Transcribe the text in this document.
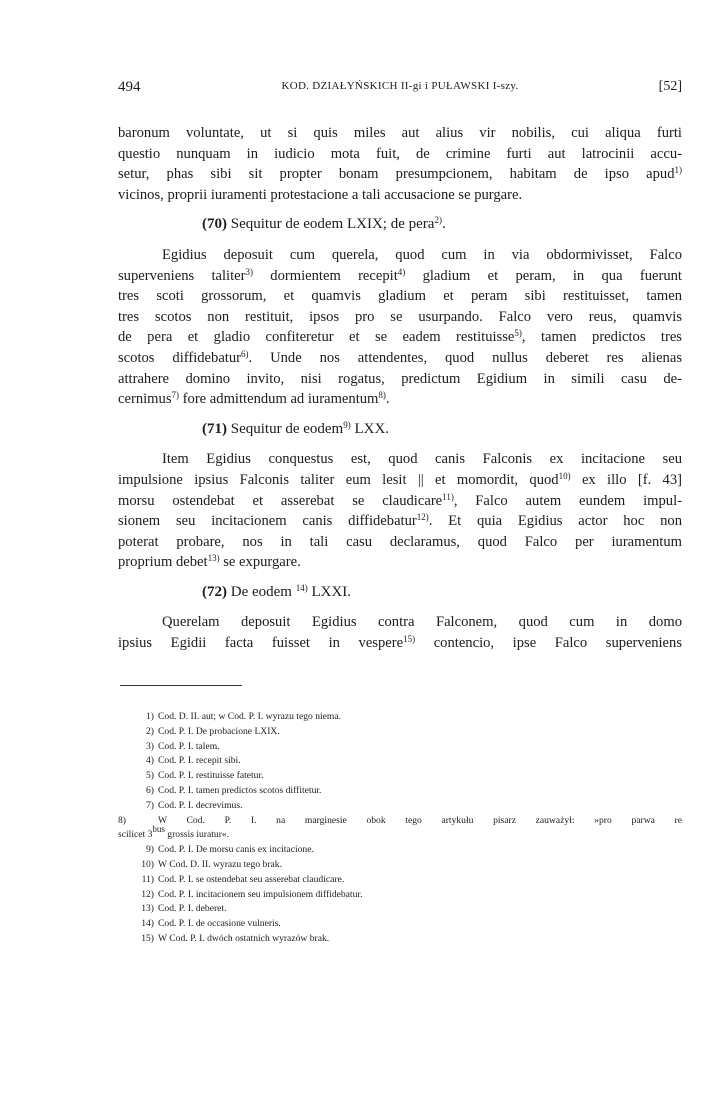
494	KOD. DZIAŁYŃSKICH II-gi i PUŁAWSKI I-szy.	[52]
baronum voluntate, ut si quis miles aut alius vir nobilis, cui aliqua furti
questio nunquam in iudicio mota fuit, de crimine furti aut latrocinii accu-
setur, phas sibi sit propter bonam presumpcionem, habitam de ipso apud$^{1)}$
vicinos, proprii iuramenti protestacione a tali accusacione se purgare.
(70) Sequitur de eodem LXIX; de pera$^{2)}$.
Egidius deposuit cum querela, quod cum in via obdormivisset, Falco
superveniens taliter$^{3)}$ dormientem recepit$^{4)}$ gladium et peram, in qua fuerunt
tres scoti grossorum, et quamvis gladium et peram sibi restituisset, tamen
tres scotos non restituit, ipsos pro se usurpando. Falco vero reus, quamvis
de pera et gladio confiteretur et se eadem restituisse$^{5)}$, tamen predictos tres
scotos diffidebatur$^{6)}$. Unde nos attendentes, quod nullus deberet res alienas
attrahere domino invito, nisi rogatus, predictum Egidium in simili casu de-
cernimus$^{7)}$ fore admittendum ad iuramentum$^{8)}$.
(71) Sequitur de eodem$^{9)}$ LXX.
Item Egidius conquestus est, quod canis Falconis ex incitacione seu
impulsione ipsius Falconis taliter eum lesit || et momordit, quod$^{10)}$ ex illo [f. 43]
morsu ostendebat et asserebat se claudicare$^{11)}$, Falco autem eundem impul-
sionem seu incitacionem canis diffidebatur$^{12)}$. Et quia Egidius actor hoc non
poterat probare, nos in tali casu declaramus, quod Falco per iuramentum
proprium debet$^{13)}$ se expurgare.
(72) De eodem $^{14)}$ LXXI.
Querelam deposuit Egidius contra Falconem, quod cum in domo
ipsius Egidii facta fuisset in vespere$^{15)}$ contencio, ipse Falco superveniens
1) Cod. D. II. aut; w Cod. P. I. wyrazu tego niema.
2) Cod. P. I. De probacione LXIX.
3) Cod. P. I. talem.
4) Cod. P. I. recepit sibi.
5) Cod. P. I. restituisse fatetur.
6) Cod. P. I. tamen predictos scotos diffitetur.
7) Cod. P. I. decrevimus.
8)	W Cod. P. I. na marginesie obok tego artykułu pisarz zauważył: »pro parwa re
scilicet $3^{bus}$ grossis iuratur«.
9) Cod. P. I. De morsu canis ex incitacione.
10) W Cod. D. II. wyrazu tego brak.
11) Cod. P. I. se ostendebat seu asserebat claudicare.
12) Cod. P. I. incitacionem seu impulsionem diffidebatur.
13) Cod. P. I. deberet.
14) Cod. P. I. de occasione vulneris.
15) W Cod. P. I. dwóch ostatnich wyrazów brak.
